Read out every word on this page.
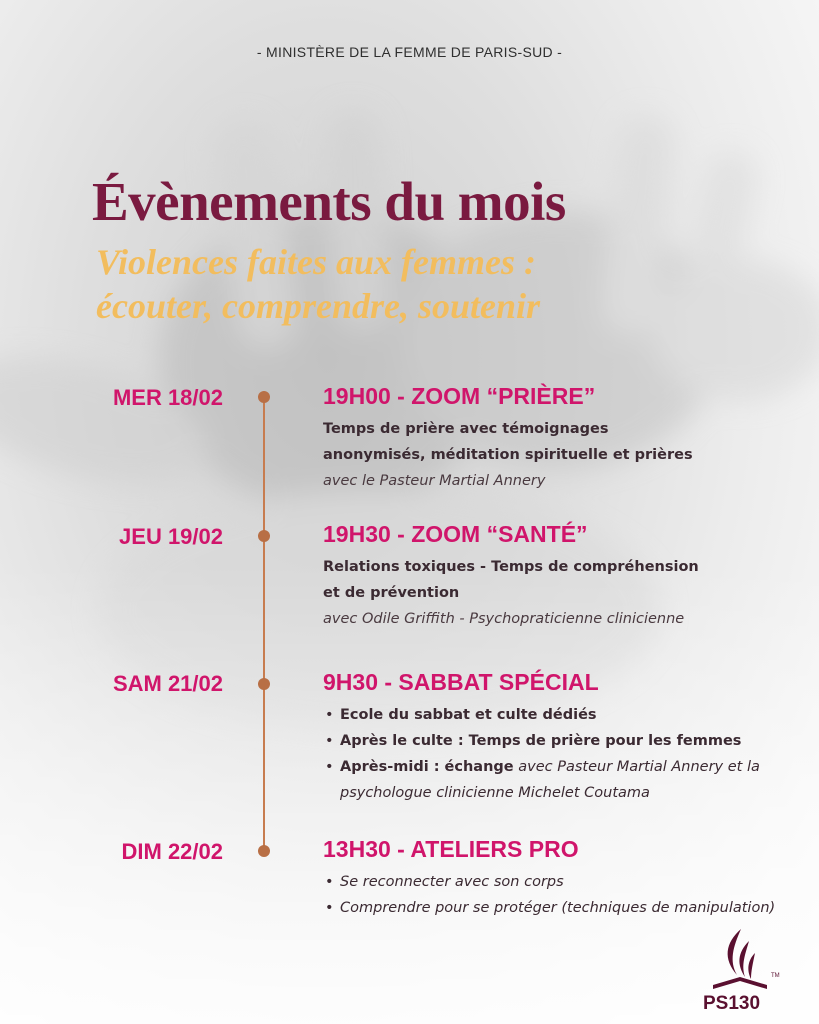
- MINISTÈRE DE LA FEMME DE PARIS-SUD -
Évènements du mois
Violences faites aux femmes :
écouter, comprendre, soutenir
MER 18/02	19H00 - ZOOM “PRIÈRE”
Temps de prière avec témoignages
anonymisés, méditation spirituelle et prières
avec le Pasteur Martial Annery
JEU 19/02	19H30 - ZOOM “SANTÉ”
Relations toxiques - Temps de compréhension
et de prévention
avec Odile Griffith - Psychopraticienne clinicienne
SAM 21/02	9H30 - SABBAT SPÉCIAL
• Ecole du sabbat et culte dédiés
• Après le culte : Temps de prière pour les femmes
• Après-midi : échange avec Pasteur Martial Annery et la psychologue clinicienne Michelet Coutama
DIM 22/02	13H30 - ATELIERS PRO
• Se reconnecter avec son corps
• Comprendre pour se protéger (techniques de manipulation)
PS130
TM
